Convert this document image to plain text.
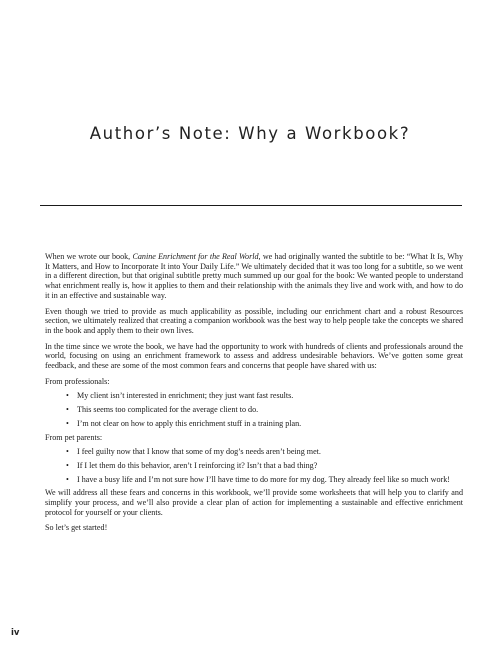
Author’s Note: Why a Workbook?

When we wrote our book, Canine Enrichment for the Real World, we had originally wanted the subtitle to be: “What It Is, Why It Matters, and How to Incorporate It into Your Daily Life.” We ultimately decided that it was too long for a subtitle, so we went in a different direction, but that original subtitle pretty much summed up our goal for the book: We wanted people to understand what enrichment really is, how it applies to them and their relationship with the animals they live and work with, and how to do it in an effective and sustainable way.

Even though we tried to provide as much applicability as possible, including our enrichment chart and a robust Resources section, we ultimately realized that creating a companion workbook was the best way to help people take the concepts we shared in the book and apply them to their own lives.

In the time since we wrote the book, we have had the opportunity to work with hundreds of clients and professionals around the world, focusing on using an enrichment framework to assess and address undesirable behaviors. We’ve gotten some great feedback, and these are some of the most common fears and concerns that people have shared with us:

From professionals:

• My client isn’t interested in enrichment; they just want fast results.
• This seems too complicated for the average client to do.
• I’m not clear on how to apply this enrichment stuff in a training plan.

From pet parents:

• I feel guilty now that I know that some of my dog’s needs aren’t being met.
• If I let them do this behavior, aren’t I reinforcing it? Isn’t that a bad thing?
• I have a busy life and I’m not sure how I’ll have time to do more for my dog. They already feel like so much work!

We will address all these fears and concerns in this workbook, we’ll provide some worksheets that will help you to clarify and simplify your process, and we’ll also provide a clear plan of action for implementing a sustainable and effective enrichment protocol for yourself or your clients.

So let’s get started!

iv
